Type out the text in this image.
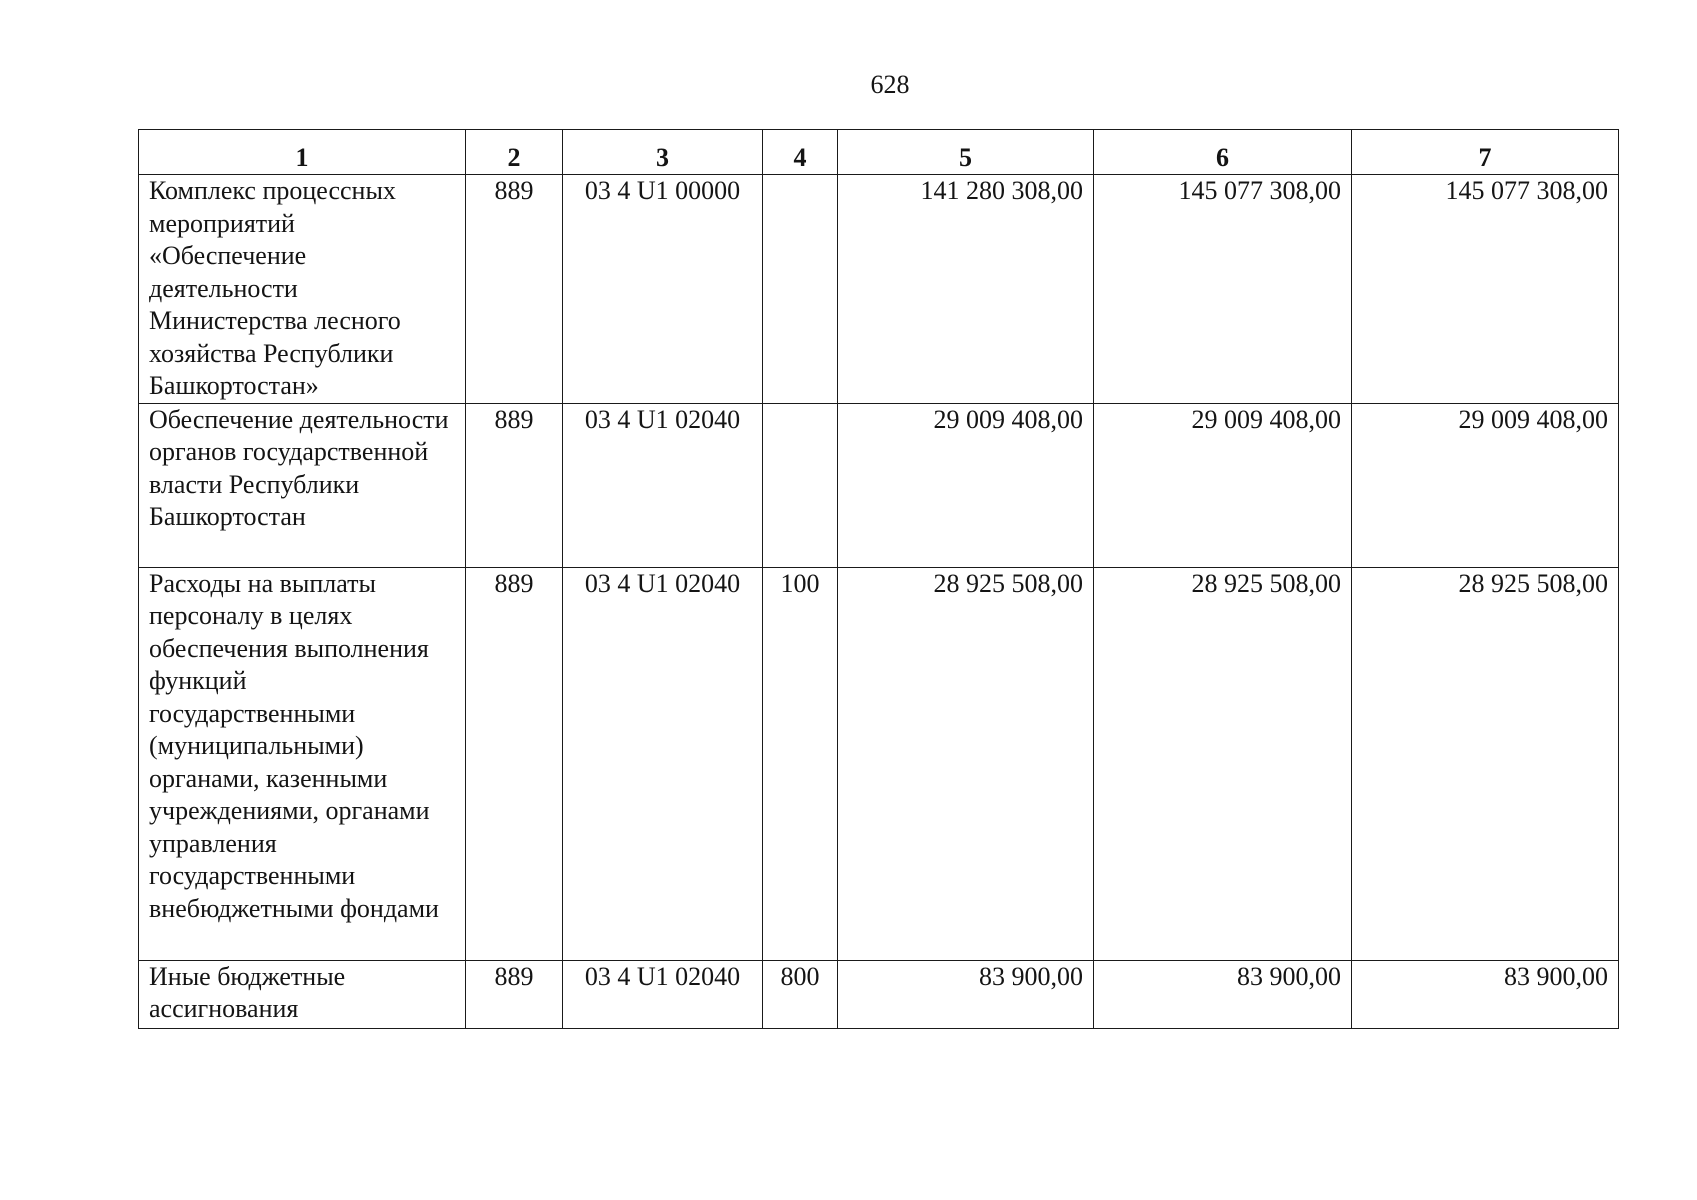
628
1	2	3	4	5	6	7
Комплекс процессных мероприятий «Обеспечение деятельности Министерства лесного хозяйства Республики Башкортостан»	889	03 4 U1 00000		141 280 308,00	145 077 308,00	145 077 308,00
Обеспечение деятельности органов государственной власти Республики Башкортостан	889	03 4 U1 02040		29 009 408,00	29 009 408,00	29 009 408,00
Расходы на выплаты персоналу в целях обеспечения выполнения функций государственными (муниципальными) органами, казенными учреждениями, органами управления государственными внебюджетными фондами	889	03 4 U1 02040	100	28 925 508,00	28 925 508,00	28 925 508,00
Иные бюджетные ассигнования	889	03 4 U1 02040	800	83 900,00	83 900,00	83 900,00
